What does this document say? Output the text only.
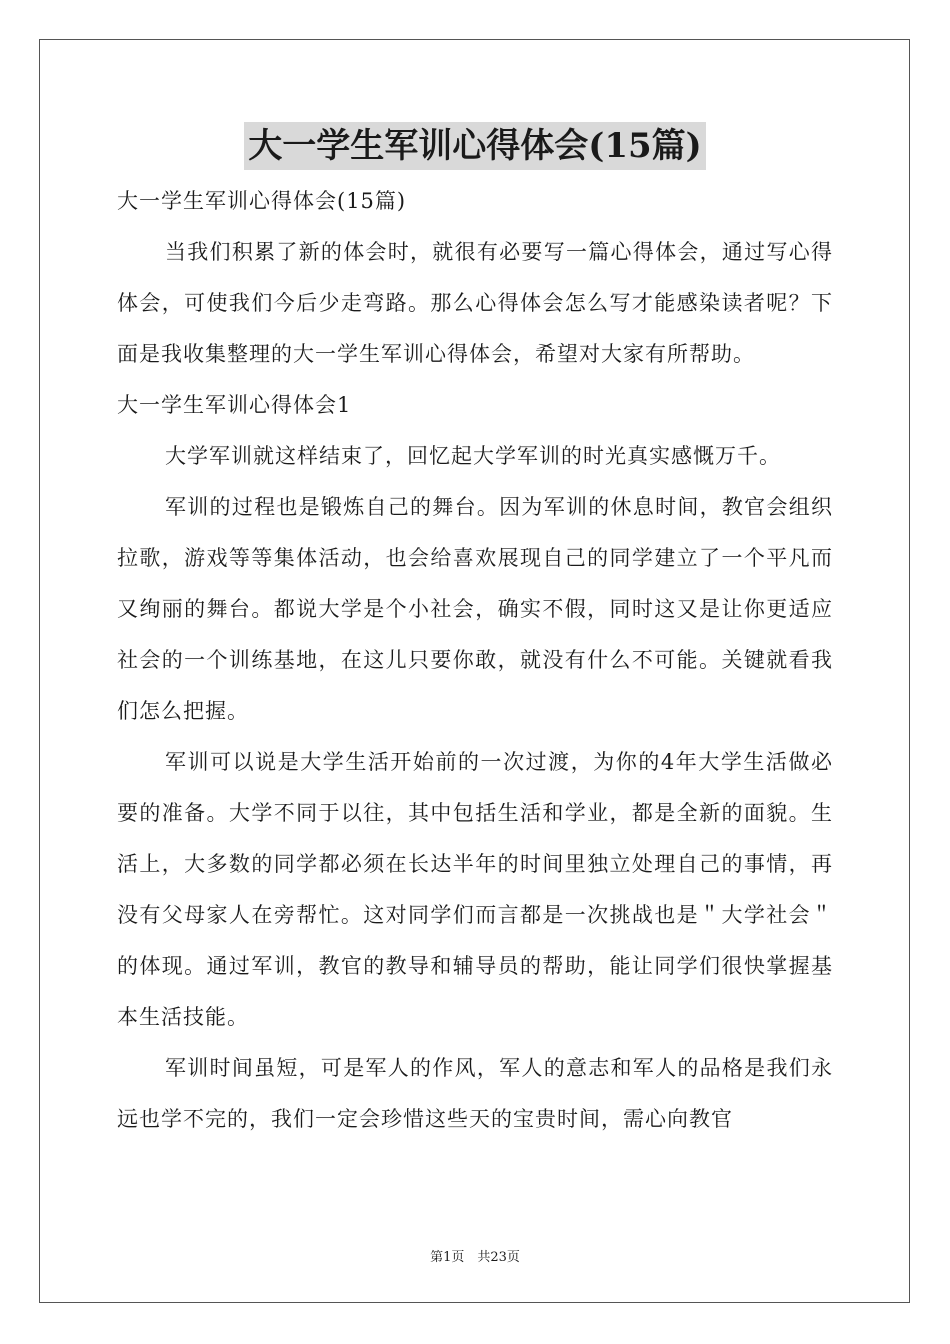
大一学生军训心得体会(15篇)

大一学生军训心得体会(15篇)

当我们积累了新的体会时，就很有必要写一篇心得体会，通过写心得体会，可使我们今后少走弯路。那么心得体会怎么写才能感染读者呢？下面是我收集整理的大一学生军训心得体会，希望对大家有所帮助。

大一学生军训心得体会1

大学军训就这样结束了，回忆起大学军训的时光真实感慨万千。

军训的过程也是锻炼自己的舞台。因为军训的休息时间，教官会组织拉歌，游戏等等集体活动，也会给喜欢展现自己的同学建立了一个平凡而又绚丽的舞台。都说大学是个小社会，确实不假，同时这又是让你更适应社会的一个训练基地，在这儿只要你敢，就没有什么不可能。关键就看我们怎么把握。

军训可以说是大学生活开始前的一次过渡，为你的4年大学生活做必要的准备。大学不同于以往，其中包括生活和学业，都是全新的面貌。生活上，大多数的同学都必须在长达半年的时间里独立处理自己的事情，再没有父母家人在旁帮忙。这对同学们而言都是一次挑战也是＂大学社会＂的体现。通过军训，教官的教导和辅导员的帮助，能让同学们很快掌握基本生活技能。

军训时间虽短，可是军人的作风，军人的意志和军人的品格是我们永远也学不完的，我们一定会珍惜这些天的宝贵时间，需心向教官

第1页　共23页
